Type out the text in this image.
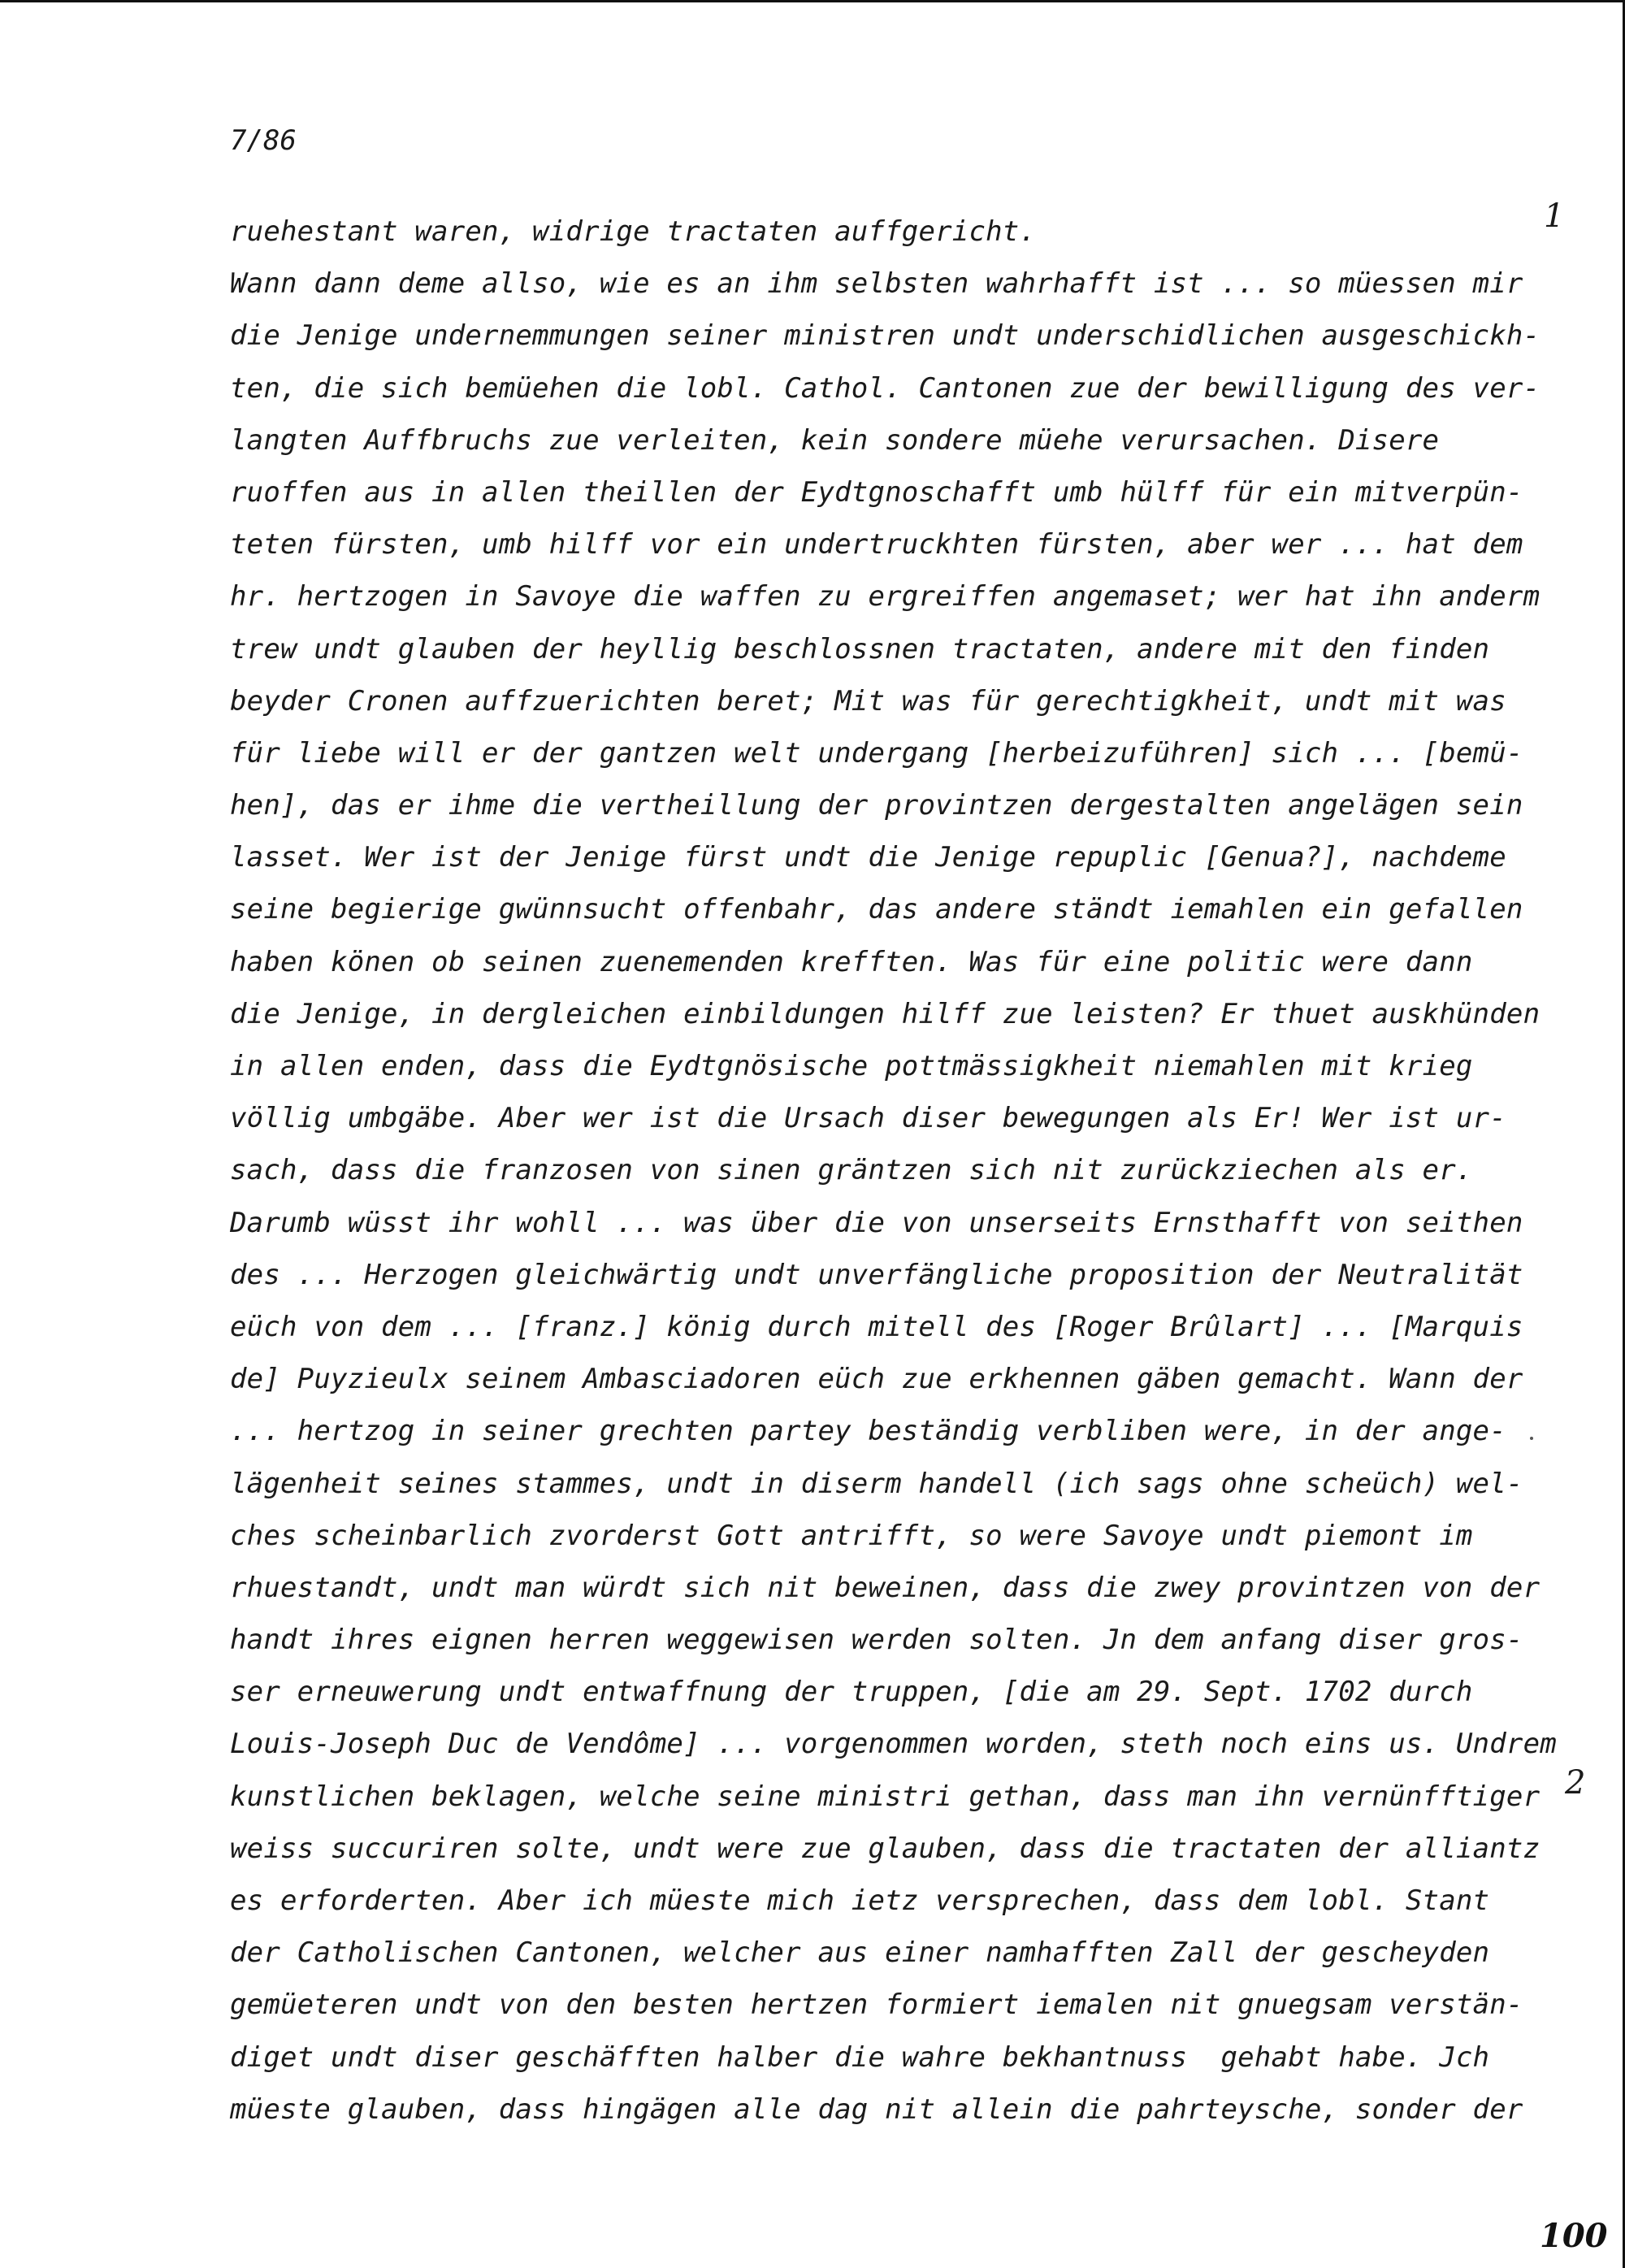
7/86
1
2
ruehestant waren, widrige tractaten auffgericht.
Wann dann deme allso, wie es an ihm selbsten wahrhafft ist ... so müessen mir
die Jenige undernemmungen seiner ministren undt underschidlichen ausgeschickh-
ten, die sich bemüehen die lobl. Cathol. Cantonen zue der bewilligung des ver-
langten Auffbruchs zue verleiten, kein sondere müehe verursachen. Disere
ruoffen aus in allen theillen der Eydtgnoschafft umb hülff für ein mitverpün-
teten fürsten, umb hilff vor ein undertruckhten fürsten, aber wer ... hat dem
hr. hertzogen in Savoye die waffen zu ergreiffen angemaset; wer hat ihn anderm
trew undt glauben der heyllig beschlossnen tractaten, andere mit den finden
beyder Cronen auffzuerichten beret; Mit was für gerechtigkheit, undt mit was
für liebe will er der gantzen welt undergang [herbeizuführen] sich ... [bemü-
hen], das er ihme die vertheillung der provintzen dergestalten angelägen sein
lasset. Wer ist der Jenige fürst undt die Jenige repuplic [Genua?], nachdeme
seine begierige gwünnsucht offenbahr, das andere ständt iemahlen ein gefallen
haben könen ob seinen zuenemenden krefften. Was für eine politic were dann
die Jenige, in dergleichen einbildungen hilff zue leisten? Er thuet auskhünden
in allen enden, dass die Eydtgnösische pottmässigkheit niemahlen mit krieg
völlig umbgäbe. Aber wer ist die Ursach diser bewegungen als Er! Wer ist ur-
sach, dass die franzosen von sinen gräntzen sich nit zurückziechen als er.
Darumb wüsst ihr wohll ... was über die von unserseits Ernsthafft von seithen
des ... Herzogen gleichwärtig undt unverfängliche proposition der Neutralität
eüch von dem ... [franz.] könig durch mitell des [Roger Brûlart] ... [Marquis
de] Puyzieulx seinem Ambasciadoren eüch zue erkhennen gäben gemacht. Wann der
... hertzog in seiner grechten partey beständig verbliben were, in der ange-
lägenheit seines stammes, undt in diserm handell (ich sags ohne scheüch) wel-
ches scheinbarlich zvorderst Gott antrifft, so were Savoye undt piemont im
rhuestandt, undt man würdt sich nit beweinen, dass die zwey provintzen von der
handt ihres eignen herren weggewisen werden solten. Jn dem anfang diser gros-
ser erneuwerung undt entwaffnung der truppen, [die am 29. Sept. 1702 durch
Louis-Joseph Duc de Vendôme] ... vorgenommen worden, steth noch eins us. Undrem
kunstlichen beklagen, welche seine ministri gethan, dass man ihn vernünfftiger
weiss succuriren solte, undt were zue glauben, dass die tractaten der alliantz
es erforderten. Aber ich müeste mich ietz versprechen, dass dem lobl. Stant
der Catholischen Cantonen, welcher aus einer namhafften Zall der gescheyden
gemüeteren undt von den besten hertzen formiert iemalen nit gnuegsam verstän-
diget undt diser geschäfften halber die wahre bekhantnuss  gehabt habe. Jch
müeste glauben, dass hingägen alle dag nit allein die pahrteysche, sonder der
100
